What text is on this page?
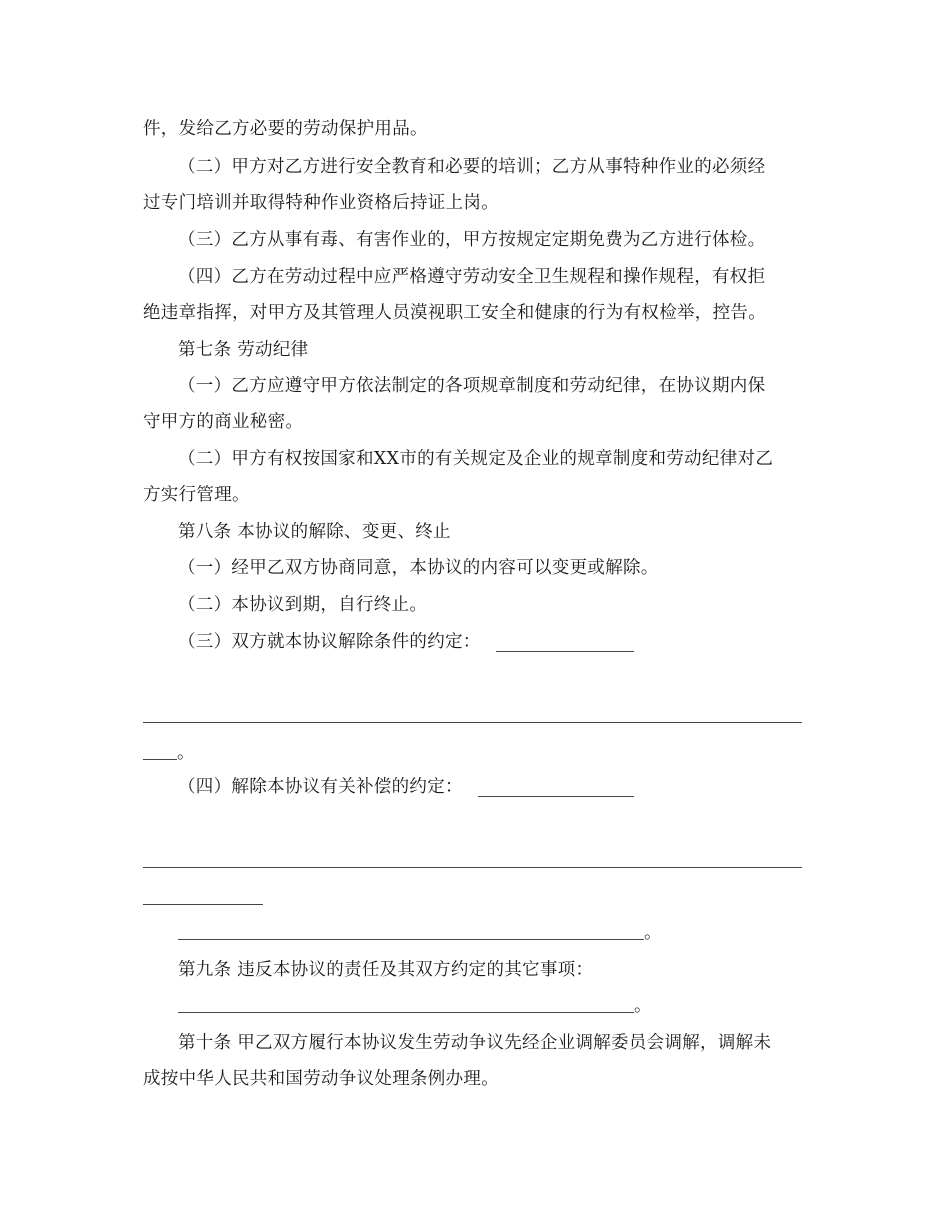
件，发给乙方必要的劳动保护用品。
（二）甲方对乙方进行安全教育和必要的培训；乙方从事特种作业的必须经
过专门培训并取得特种作业资格后持证上岗。
（三）乙方从事有毒、有害作业的，甲方按规定定期免费为乙方进行体检。
（四）乙方在劳动过程中应严格遵守劳动安全卫生规程和操作规程，有权拒
绝违章指挥，对甲方及其管理人员漠视职工安全和健康的行为有权检举，控告。
第七条 劳动纪律
（一）乙方应遵守甲方依法制定的各项规章制度和劳动纪律，在协议期内保
守甲方的商业秘密。
（二）甲方有权按国家和XX市的有关规定及企业的规章制度和劳动纪律对乙
方实行管理。
第八条 本协议的解除、变更、终止
（一）经甲乙双方协商同意，本协议的内容可以变更或解除。
（二）本协议到期，自行终止。
（三）双方就本协议解除条件的约定：
。
（四）解除本协议有关补偿的约定：
。
第九条 违反本协议的责任及其双方约定的其它事项：
。
第十条 甲乙双方履行本协议发生劳动争议先经企业调解委员会调解，调解未
成按中华人民共和国劳动争议处理条例办理。
